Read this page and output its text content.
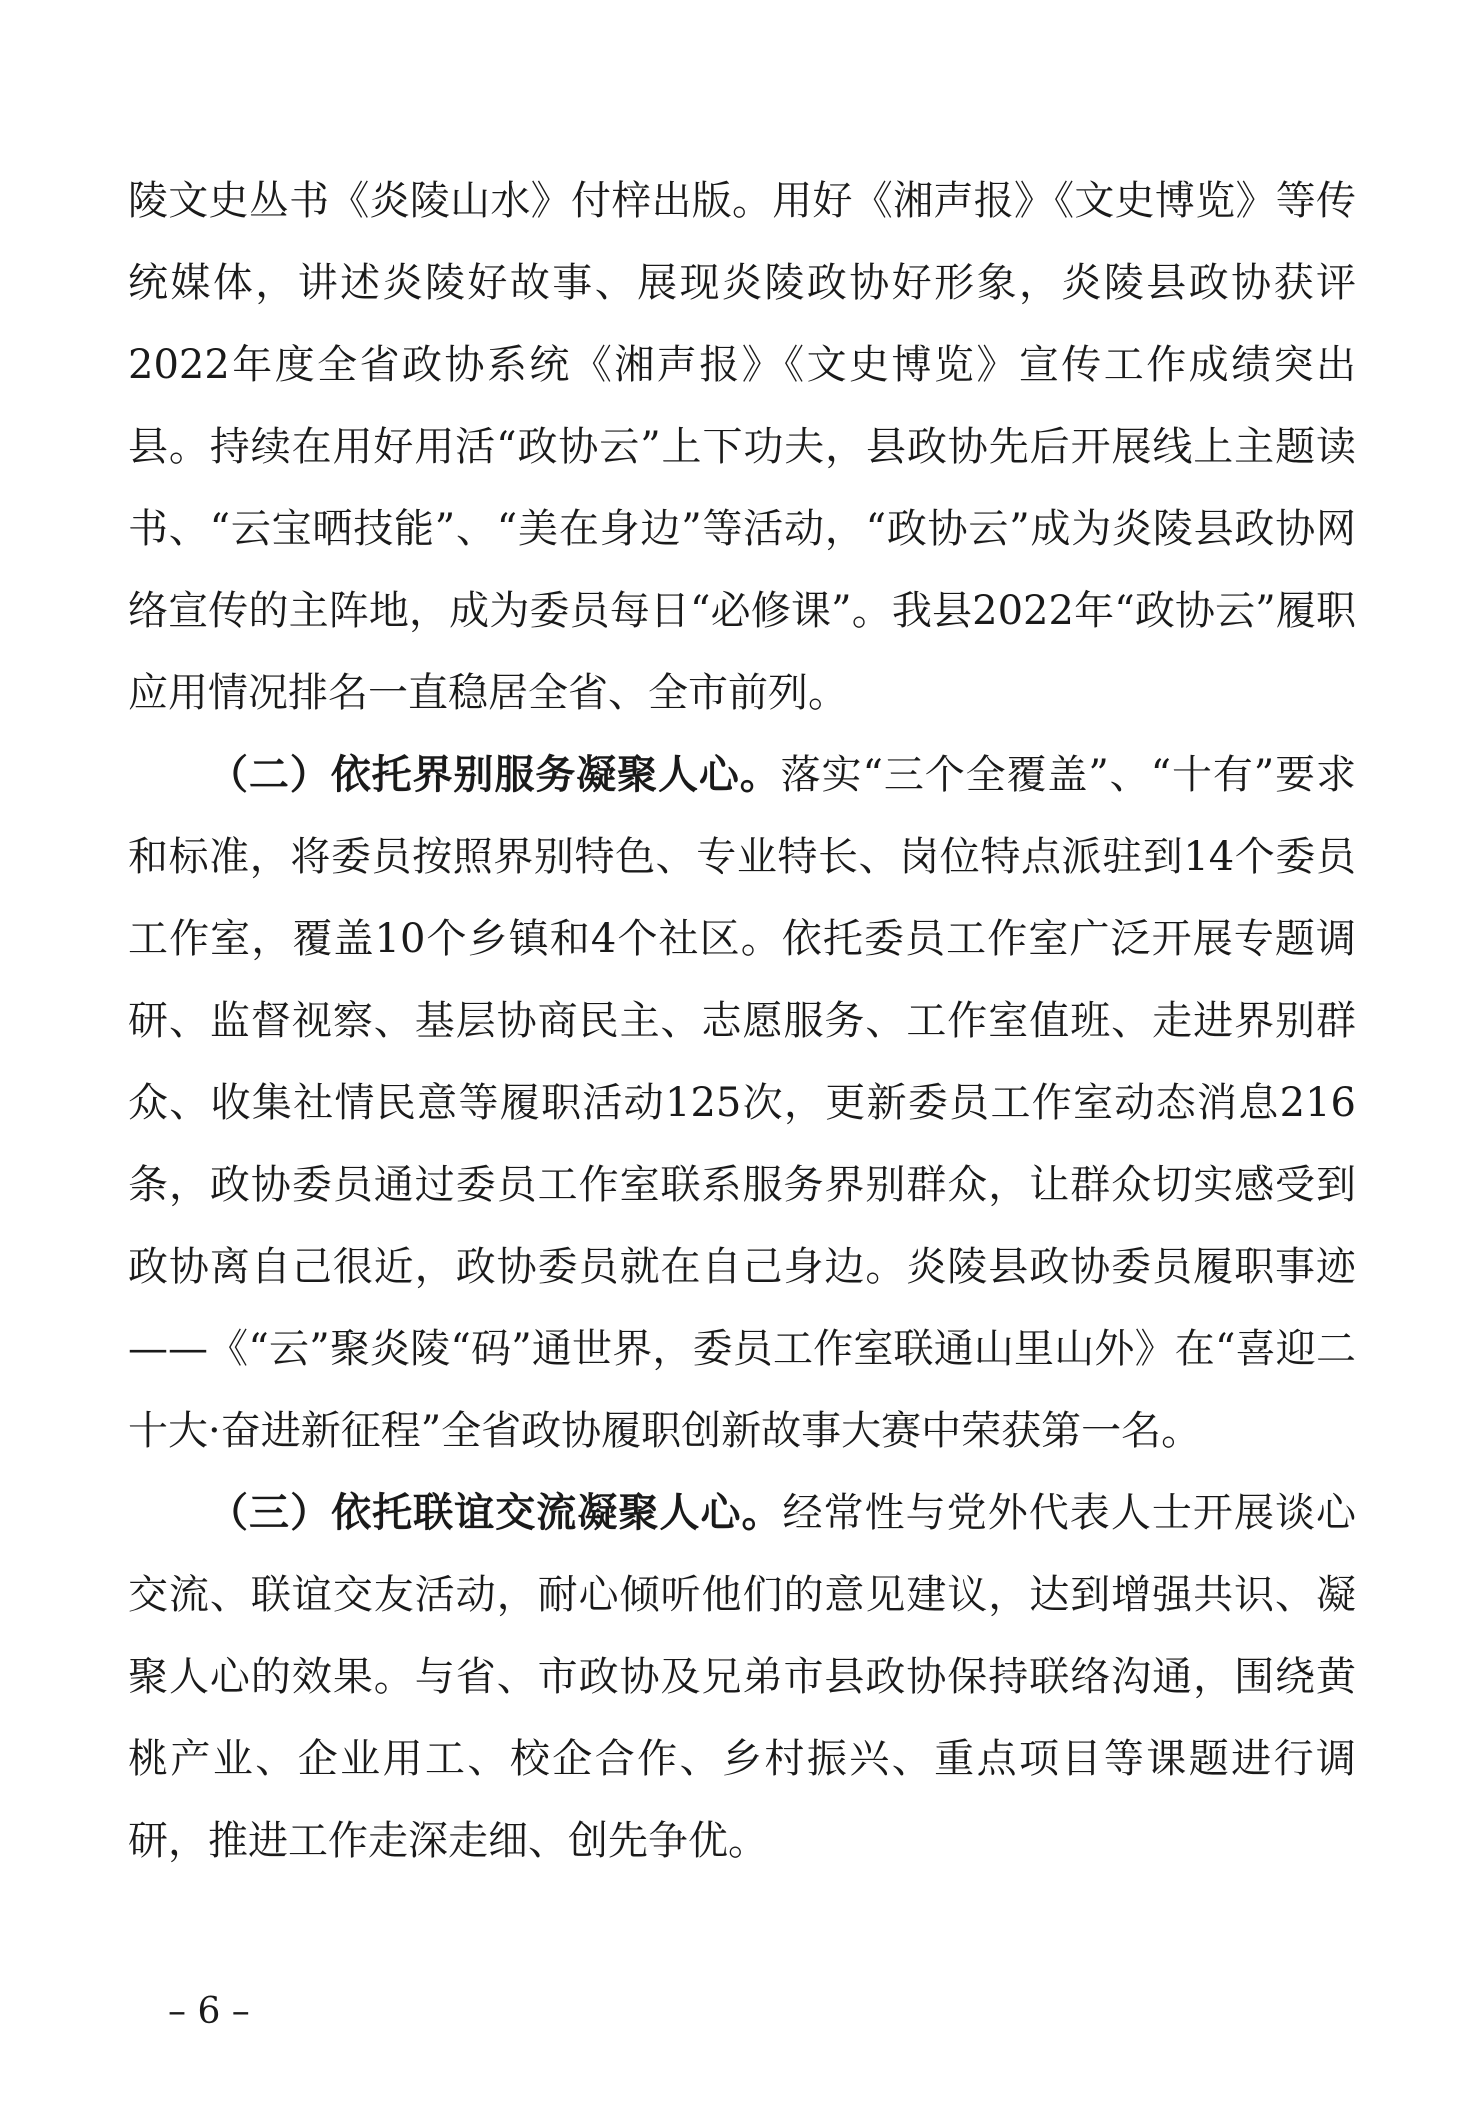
陵文史丛书《炎陵山水》付梓出版。用好《湘声报》《文史博览》等传统媒体，讲述炎陵好故事、展现炎陵政协好形象，炎陵县政协获评2022年度全省政协系统《湘声报》《文史博览》宣传工作成绩突出县。持续在用好用活“政协云”上下功夫，县政协先后开展线上主题读书、“云宝晒技能”、“美在身边”等活动，“政协云”成为炎陵县政协网络宣传的主阵地，成为委员每日“必修课”。我县2022年“政协云”履职应用情况排名一直稳居全省、全市前列。

（二）依托界别服务凝聚人心。落实“三个全覆盖”、“十有”要求和标准，将委员按照界别特色、专业特长、岗位特点派驻到14个委员工作室，覆盖10个乡镇和4个社区。依托委员工作室广泛开展专题调研、监督视察、基层协商民主、志愿服务、工作室值班、走进界别群众、收集社情民意等履职活动125次，更新委员工作室动态消息216条，政协委员通过委员工作室联系服务界别群众，让群众切实感受到政协离自己很近，政协委员就在自己身边。炎陵县政协委员履职事迹——《“云”聚炎陵“码”通世界，委员工作室联通山里山外》在“喜迎二十大·奋进新征程”全省政协履职创新故事大赛中荣获第一名。

（三）依托联谊交流凝聚人心。经常性与党外代表人士开展谈心交流、联谊交友活动，耐心倾听他们的意见建议，达到增强共识、凝聚人心的效果。与省、市政协及兄弟市县政协保持联络沟通，围绕黄桃产业、企业用工、校企合作、乡村振兴、重点项目等课题进行调研，推进工作走深走细、创先争优。

– 6 –
